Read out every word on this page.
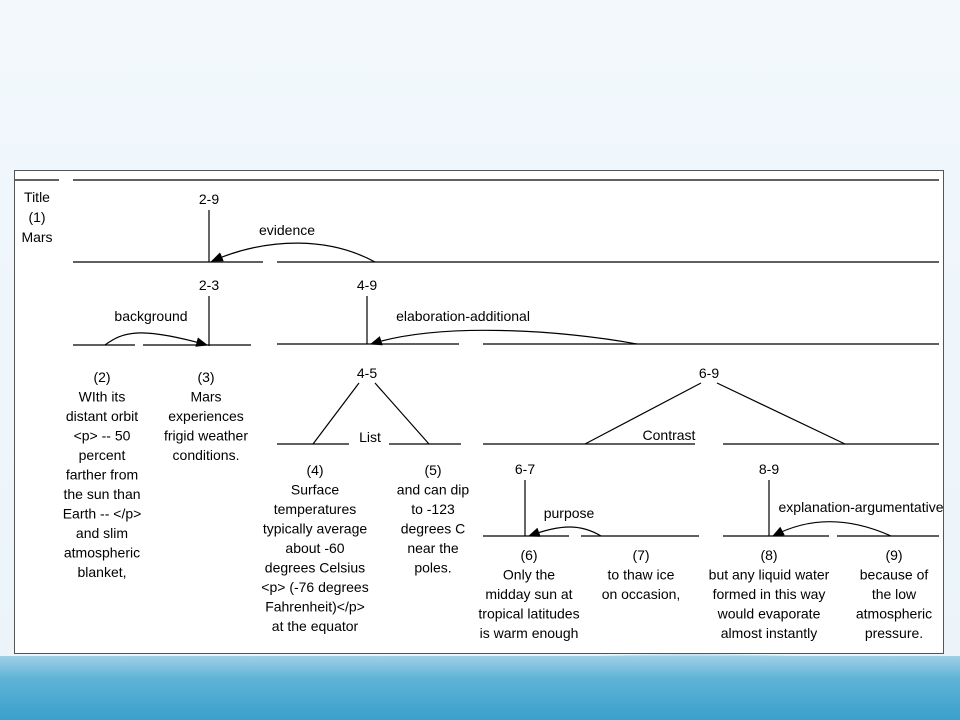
Title
(1)
Mars
2-9
evidence
2-3
background
4-9
elaboration-additional
4-5
List
6-9
Contrast
6-7
purpose
8-9
explanation-argumentative
(2)
WIth its
distant orbit
<p> -- 50
percent
farther from
the sun than
Earth -- </p>
and slim
atmospheric
blanket,
(3)
Mars
experiences
frigid weather
conditions.
(4)
Surface
temperatures
typically average
about -60
degrees Celsius
<p> (-76 degrees
Fahrenheit)</p>
at the equator
(5)
and can dip
to -123
degrees C
near the
poles.
(6)
Only the
midday sun at
tropical latitudes
is warm enough
(7)
to thaw ice
on occasion,
(8)
but any liquid water
formed in this way
would evaporate
almost instantly
(9)
because of
the low
atmospheric
pressure.
